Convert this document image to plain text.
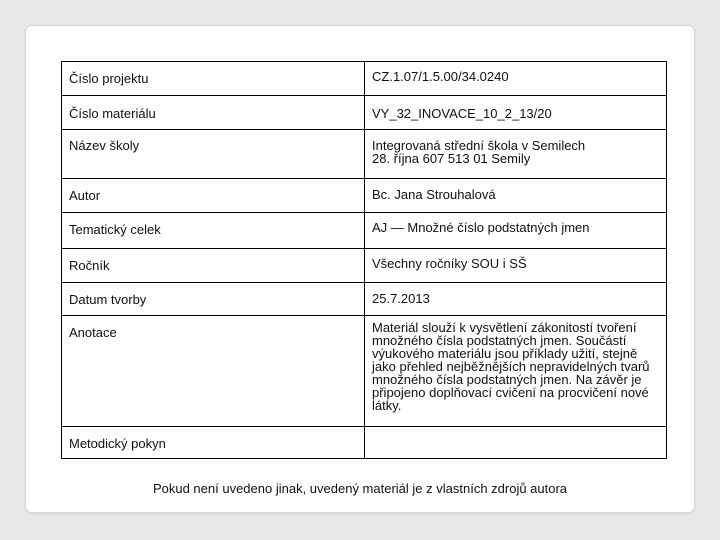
Číslo projektu	CZ.1.07/1.5.00/34.0240

Číslo materiálu	VY_32_INOVACE_10_2_13/20

Název školy	Integrovaná střední škola v Semilech
28. října 607 513 01 Semily

Autor	Bc. Jana Strouhalová

Tematický celek	AJ — Množné číslo podstatných jmen

Ročník	Všechny ročníky SOU i SŠ

Datum tvorby	25.7.2013

Anotace	Materiál slouží k vysvětlení zákonitostí tvoření množného čísla podstatných jmen. Součástí výukového materiálu jsou příklady užití, stejně jako přehled nejběžnějších nepravidelných tvarů množného čísla podstatných jmen. Na závěr je připojeno doplňovací cvičení na procvičení nové látky.

Metodický pokyn	

Pokud není uvedeno jinak, uvedený materiál je z vlastních zdrojů autora
